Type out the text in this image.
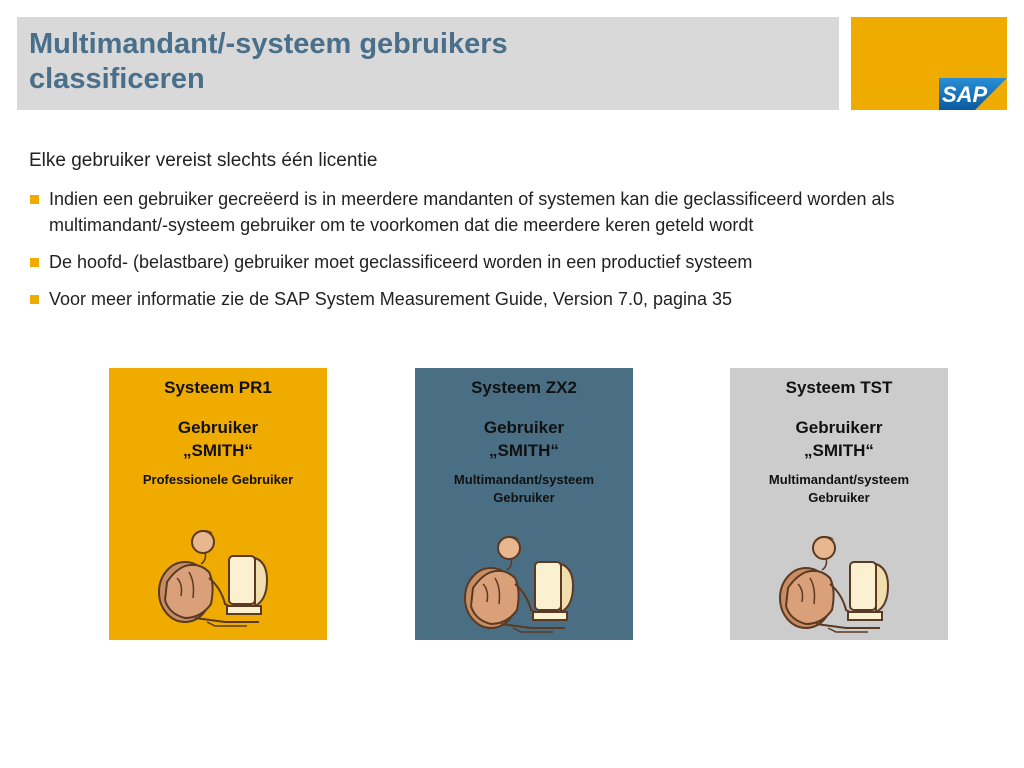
Multimandant/-systeem gebruikers
classificeren	SAP
Elke gebruiker vereist slechts één licentie
Indien een gebruiker gecreëerd is in meerdere mandanten of systemen kan die geclassificeerd worden als multimandant/-systeem gebruiker om te voorkomen dat die meerdere keren geteld wordt
De hoofd- (belastbare) gebruiker moet geclassificeerd worden in een productief systeem
Voor meer informatie zie de SAP System Measurement Guide, Version 7.0, pagina 35
Systeem PR1
Gebruiker
„SMITH“
Professionele Gebruiker
Systeem ZX2
Gebruiker
„SMITH“
Multimandant/systeem
Gebruiker
Systeem TST
Gebruikerr
„SMITH“
Multimandant/systeem
Gebruiker
